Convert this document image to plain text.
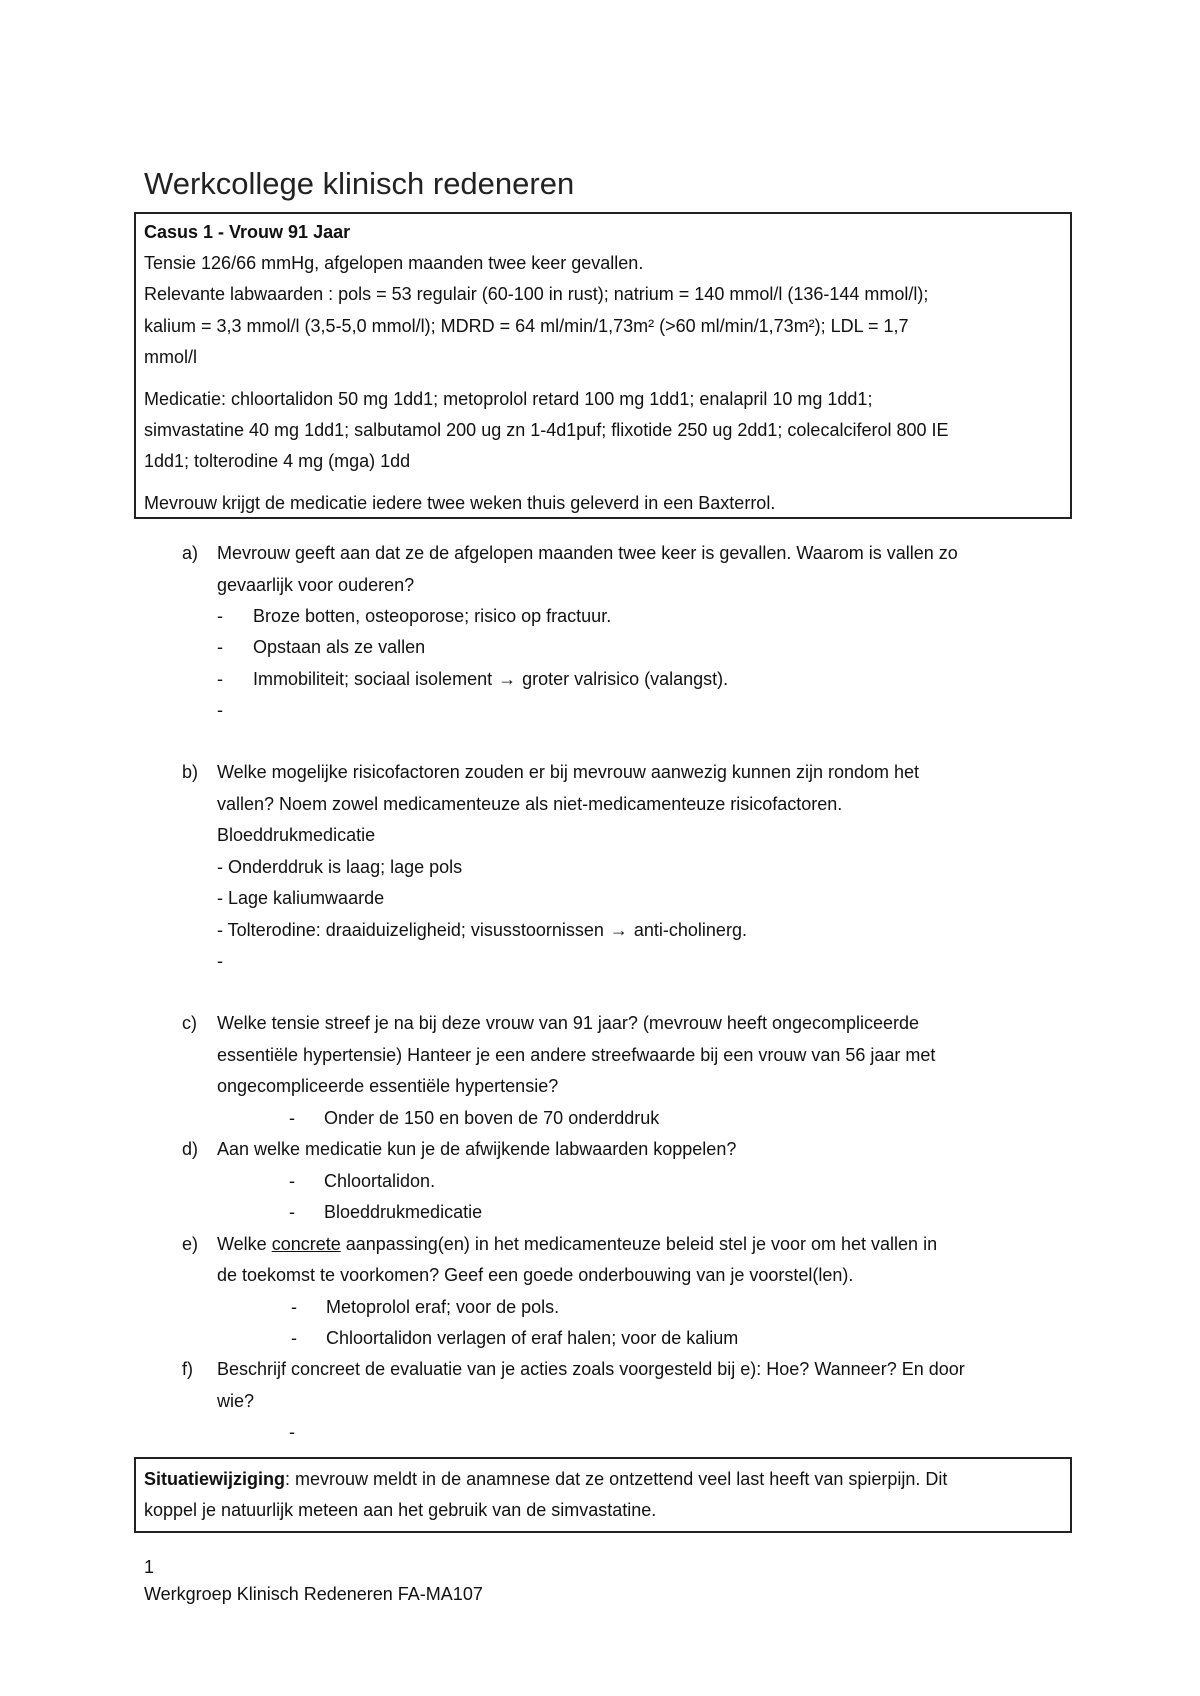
Werkcollege klinisch redeneren
Casus 1 - Vrouw 91 Jaar
Tensie 126/66 mmHg, afgelopen maanden twee keer gevallen.
Relevante labwaarden : pols = 53 regulair (60-100 in rust); natrium = 140 mmol/l (136-144 mmol/l);
kalium = 3,3 mmol/l (3,5-5,0 mmol/l); MDRD = 64 ml/min/1,73m² (>60 ml/min/1,73m²); LDL = 1,7
mmol/l
Medicatie: chloortalidon 50 mg 1dd1; metoprolol retard 100 mg 1dd1; enalapril 10 mg 1dd1;
simvastatine 40 mg 1dd1; salbutamol 200 ug zn 1-4d1puf; flixotide 250 ug 2dd1; colecalciferol 800 IE
1dd1; tolterodine 4 mg (mga) 1dd
Mevrouw krijgt de medicatie iedere twee weken thuis geleverd in een Baxterrol.
a) Mevrouw geeft aan dat ze de afgelopen maanden twee keer is gevallen. Waarom is vallen zo
gevaarlijk voor ouderen?
- Broze botten, osteoporose; risico op fractuur.
- Opstaan als ze vallen
- Immobiliteit; sociaal isolement → groter valrisico (valangst).
-
b) Welke mogelijke risicofactoren zouden er bij mevrouw aanwezig kunnen zijn rondom het
vallen? Noem zowel medicamenteuze als niet-medicamenteuze risicofactoren.
Bloeddrukmedicatie
- Onderddruk is laag; lage pols
- Lage kaliumwaarde
- Tolterodine: draaiduizeligheid; visusstoornissen → anti-cholinerg.
-
c) Welke tensie streef je na bij deze vrouw van 91 jaar? (mevrouw heeft ongecompliceerde
essentiële hypertensie) Hanteer je een andere streefwaarde bij een vrouw van 56 jaar met
ongecompliceerde essentiële hypertensie?
- Onder de 150 en boven de 70 onderddruk
d) Aan welke medicatie kun je de afwijkende labwaarden koppelen?
- Chloortalidon.
- Bloeddrukmedicatie
e) Welke concrete aanpassing(en) in het medicamenteuze beleid stel je voor om het vallen in
de toekomst te voorkomen? Geef een goede onderbouwing van je voorstel(len).
- Metoprolol eraf; voor de pols.
- Chloortalidon verlagen of eraf halen; voor de kalium
f) Beschrijf concreet de evaluatie van je acties zoals voorgesteld bij e): Hoe? Wanneer? En door
wie?
-
Situatiewijziging: mevrouw meldt in de anamnese dat ze ontzettend veel last heeft van spierpijn. Dit
koppel je natuurlijk meteen aan het gebruik van de simvastatine.
1
Werkgroep Klinisch Redeneren FA-MA107
